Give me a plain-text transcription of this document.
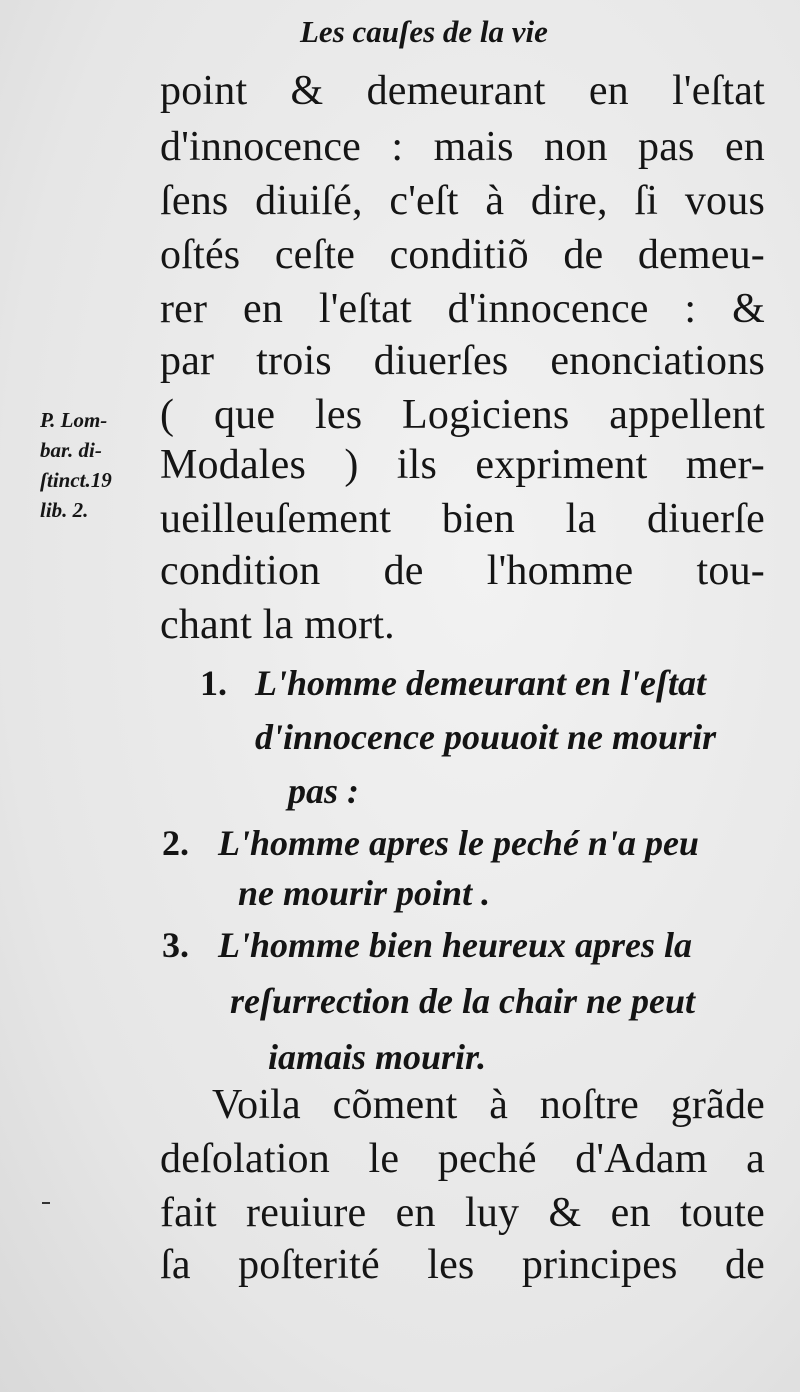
Les cauſes de la vie
P. Lom-
bar. di-
ſtinct.19
lib. 2.
point & demeurant en l'eſtat
d'innocence : mais non pas en
ſens diuiſé, c'eſt à dire, ſi vous
oſtés ceſte conditiõ de demeu-
rer en l'eſtat d'innocence : &
par trois diuerſes enonciations
( que les Logiciens appellent
Modales ) ils expriment mer-
ueilleuſement bien la diuerſe
condition de l'homme tou-
chant la mort.
1. L'homme demeurant en l'eſtat
d'innocence pouuoit ne mourir
pas :
2. L'homme apres le peché n'a peu
ne mourir point .
3. L'homme bien heureux apres la
reſurrection de la chair ne peut
iamais mourir.
Voila cõment à noſtre grãde
deſolation le peché d'Adam a
fait reuiure en luy & en toute
ſa poſterité les principes de
